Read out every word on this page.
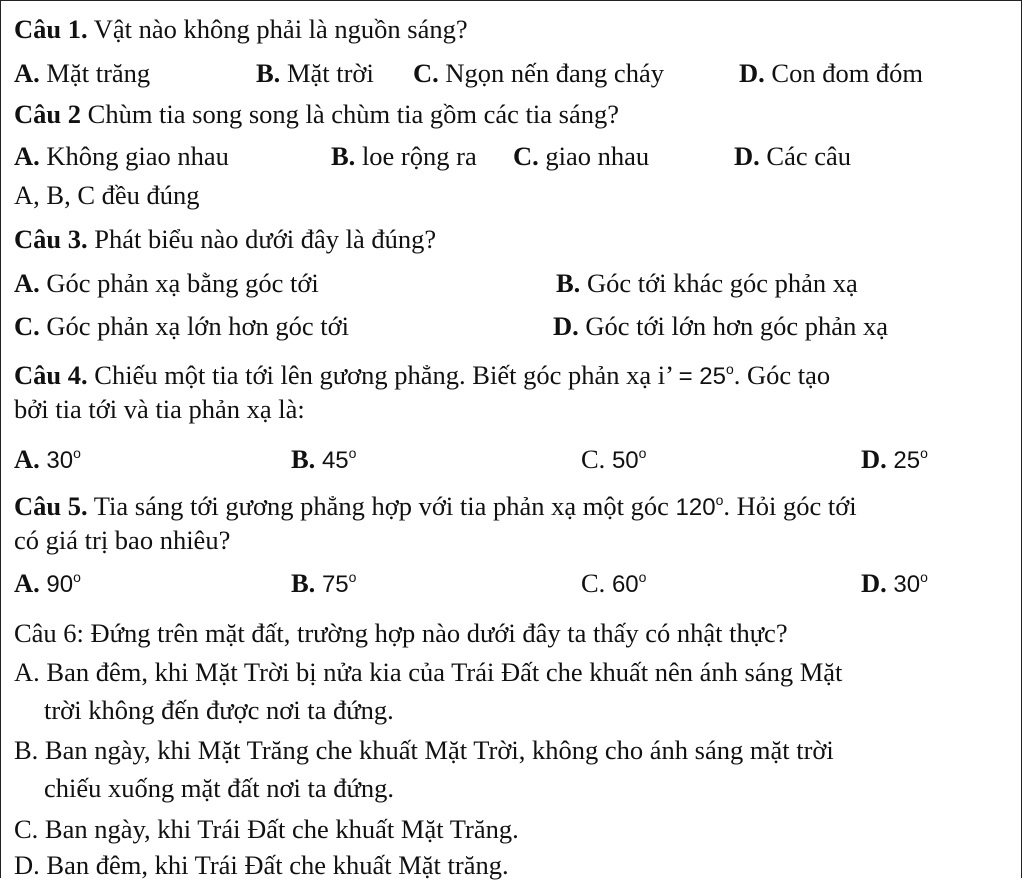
Câu 1. Vật nào không phải là nguồn sáng?
A. Mặt trăng	B. Mặt trời C. Ngọn nến đang cháy	D. Con đom đóm
Câu 2 Chùm tia song song là chùm tia gồm các tia sáng?
A. Không giao nhau	B. loe rộng ra C. giao nhau	D. Các câu
A, B, C đều đúng
Câu 3. Phát biểu nào dưới đây là đúng?
A. Góc phản xạ bằng góc tới	B. Góc tới khác góc phản xạ
C. Góc phản xạ lớn hơn góc tới	D. Góc tới lớn hơn góc phản xạ
Câu 4. Chiếu một tia tới lên gương phẳng. Biết góc phản xạ i’ = $25^o$. Góc tạo
bởi tia tới và tia phản xạ là:
A. 30$^o$	B. 45$^o$	C. 50$^o$	D. 25$^o$
Câu 5. Tia sáng tới gương phẳng hợp với tia phản xạ một góc 120$^o$. Hỏi góc tới
có giá trị bao nhiêu?
A. 90$^o$	B. 75$^o$	C. 60$^o$	D. 30$^o$
Câu 6: Đứng trên mặt đất, trường hợp nào dưới đây ta thấy có nhật thực?
A. Ban đêm, khi Mặt Trời bị nửa kia của Trái Đất che khuất nên ánh sáng Mặt
trời không đến được nơi ta đứng.
B. Ban ngày, khi Mặt Trăng che khuất Mặt Trời, không cho ánh sáng mặt trời
chiếu xuống mặt đất nơi ta đứng.
C. Ban ngày, khi Trái Đất che khuất Mặt Trăng.
D. Ban đêm, khi Trái Đất che khuất Mặt trăng.
